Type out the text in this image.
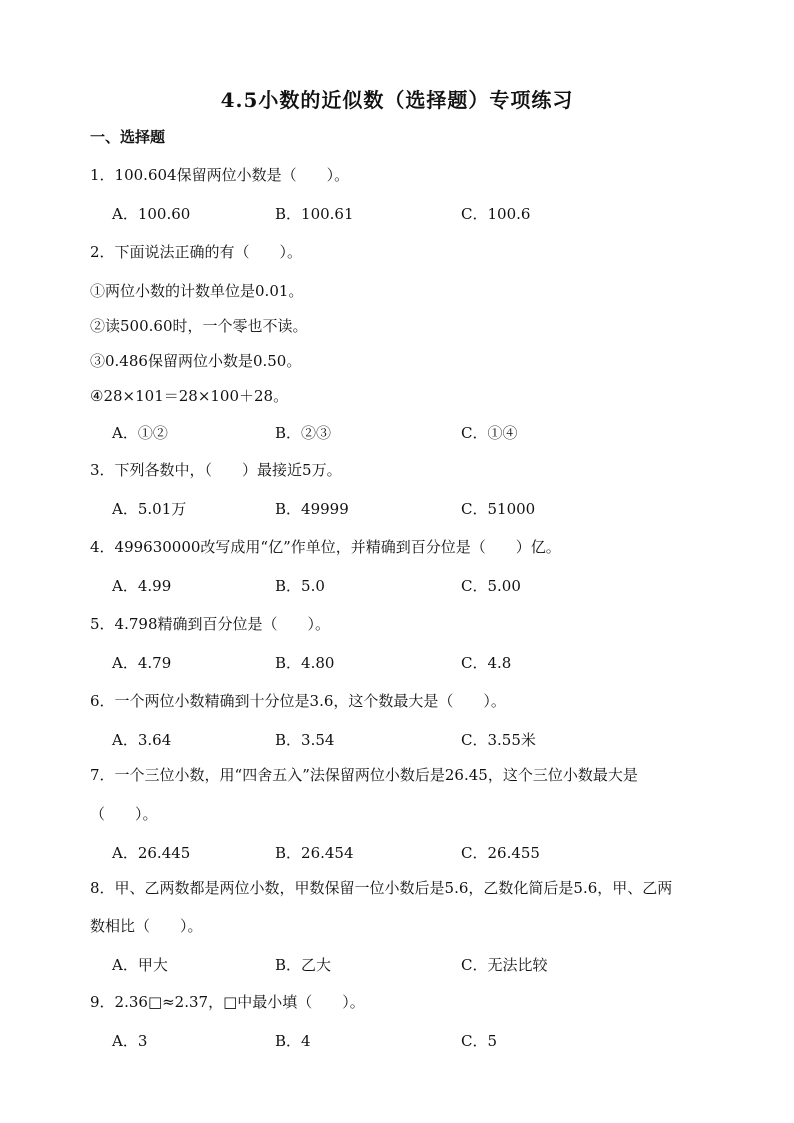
4.5小数的近似数（选择题）专项练习
一、选择题
1．100.604保留两位小数是（　　）。
A．100.60	B．100.61	C．100.6
2．下面说法正确的有（　　）。
①两位小数的计数单位是0.01。
②读500.60时，一个零也不读。
③0.486保留两位小数是0.50。
④28×101＝28×100＋28。
A．①②	B．②③	C．①④
3．下列各数中，（　　）最接近5万。
A．5.01万	B．49999	C．51000
4．499630000改写成用“亿”作单位，并精确到百分位是（　　）亿。
A．4.99	B．5.0	C．5.00
5．4.798精确到百分位是（　　）。
A．4.79	B．4.80	C．4.8
6．一个两位小数精确到十分位是3.6，这个数最大是（　　）。
A．3.64	B．3.54	C．3.55米
7．一个三位小数，用“四舍五入”法保留两位小数后是26.45，这个三位小数最大是
（　　）。
A．26.445	B．26.454	C．26.455
8．甲、乙两数都是两位小数，甲数保留一位小数后是5.6，乙数化简后是5.6，甲、乙两
数相比（　　）。
A．甲大	B．乙大	C．无法比较
9．2.36□≈2.37，□中最小填（　　）。
A．3	B．4	C．5
